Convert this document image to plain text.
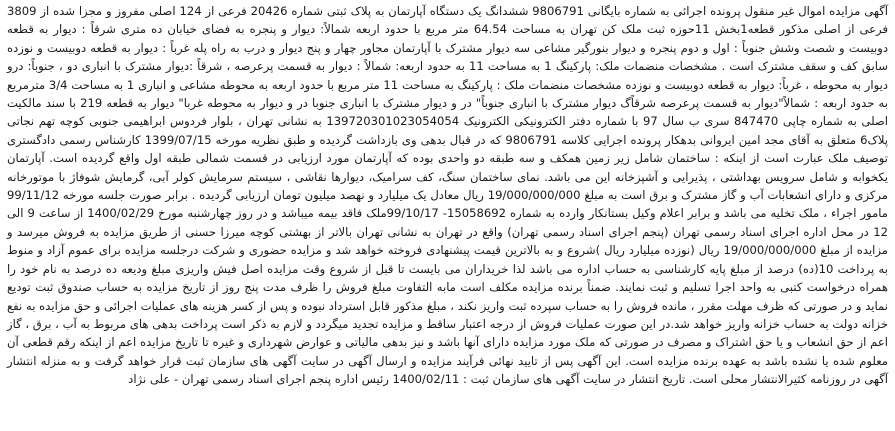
آگهی مزایده اموال غیر منقول پرونده اجرائی به شماره بایگانی 9806791 ششدانگ یک دستگاه آپارتمان به پلاک ثبتی شماره 20426 فرعی از 124 اصلی مفروز و مجزا شده از 3809 فرعی از اصلی مذکور قطعه1بخش 11حوزه ثبت ملک کن تهران به مساحت 64.54 متر مربع با حدود اربعه شمالاً: دیوار و پنجره به فضای خیابان ده متری شرقاً : دیوار به قطعه دوبیست و شصت وشش جنوباً : اول و دوم پنجره و دیوار بنورگیر مشاعی سه دیوار مشترک با آپارتمان مجاور چهار و پنج دیوار و درب به راه پله غرباً : دیوار به قطعه دوبیست و نوزده سابق کف و سقف مشترک است . مشخصات منضمات ملک: پارکینگ 1 به مساحت 11 به حدود اربعه: شمالاً : دیوار به قسمت پرعرصه ، شرقاً :دیوار مشترک با انباری دو ، جنوباً: درو دیوار به محوطه ، غرباً: دیوار به قطعه دوبیست و نوزده مشخصات منضمات ملک : پارکینگ به مساحت 11 متر مربع با حدود اربعه به محوطه مشاعی و انباری 1 به مساحت 3/4 مترمربع به حدود اربعه : شمالاً"دیوار به قسمت پرعرصه شرقاًگ دیوار مشترک با انباری جنوباً" در و دیوار مشترک با انباری جنوبا در و دیوار به محوطه غربا" دیوار به قطعه 219 با سند مالکیت اصلی به شماره چاپی 847470 سری ب سال 97 با شماره دفتر الکترونیکی الکترونیک 139720301023054054 به نشانی تهران ، بلوار فردوس ابراهیمی جنوبی کوچه تهم نجاتی پلاک6 متعلق به آقای مجد امین ایروانی بدهکار پرونده اجرایی کلاسه 9806791 که در قبال بدهی وی بازداشت گردیده و طبق نظریه مورخه 1399/07/15 کارشناس رسمی دادگستری توصیف ملک عبارت است از اینکه : ساختمان شامل زیر زمین همکف و سه طبقه دو واحدی بوده که آپارتمان مورد ارزیابی در قسمت شمالی طبقه اول واقع گردیده است. آپارتمان یکخوابه و شامل سرویس بهداشتی ، پذیرایی و آشپزخانه این می باشد. نمای ساختمان سنگ، کف سرامیک، دیوارها نقاشی ، سیستم سرمایش کولر آبی، گرمایش شوفاژ با موتورخانه مرکزی و دارای انشعابات آب و گاز مشترک و برق است به مبلغ 19/000/000/000 ریال معادل یک میلیارد و نهصد میلیون تومان ارزیابی گردیده . برابر صورت جلسه مورخه 99/11/12 مامور اجراء ، ملک تخلیه می باشد و برابر اعلام وکیل بستانکار وارده به شماره 15058692- 99/10/17ملک فاقد بیمه میباشد و در روز چهارشنبه مورخ 1400/02/29 از ساعت 9 الی 12 در محل اداره اجرای اسناد رسمی تهران (پنجم اجرای اسناد رسمی تهران) واقع در تهران به نشانی تهران بالاتر از بهشتی کوچه میرزا حسنی از طریق مزایده به فروش میرسد و مزایده از مبلغ 19/000/000/000 ریال (نوزده میلیارد ریال )شروع و به بالاترین قیمت پیشنهادی فروخته خواهد شد و مزایده حضوری و شرکت درجلسه مزایده برای عموم آزاد و منوط به پرداخت 10(ده) درصد از مبلغ پایه کارشناسی به حساب اداره می باشد لذا خریداران می بایست تا قبل از شروع وقت مزایده اصل فیش واریزی مبلغ ودیعه ده درصد به نام خود را همراه درخواست کتبی به واحد اجرا تسلیم و ثبت نمایند. ضمناً برنده مزایده مکلف است مابه التفاوت مبلغ فروش را ظرف مدت پنج روز از تاریخ مزایده به حساب صندوق ثبت تودیع نماید و در صورتی که ظرف مهلت مقرر ، مانده فروش را به حساب سپرده ثبت واریز نکند ، مبلغ مذکور قابل استرداد نبوده و پس از کسر هزینه های عملیات اجرائی و حق مزایده به نفع خزانه دولت به حساب خزانه واریز خواهد شد.در این صورت عملیات فروش از درجه اعتبار ساقط و مزایده تجدید میگردد و لازم به ذکر است پرداخت بدهی های مربوط به آب ، برق ، گاز اعم از حق انشعاب و یا حق اشتراک و مصرف در صورتی که ملک مورد مزایده دارای آنها باشد و نیز بدهی مالیاتی و عوارض شهرداری و غیره تا تاریخ مزایده اعم از اینکه رقم قطعی آن معلوم شده یا نشده باشد به عهده برنده مزایده است. این آگهی پس از تایید نهائی فرآیند مزایده و ارسال آگهی در سایت آگهی های سازمان ثبت قرار خواهد گرفت و به منزله انتشار آگهی در روزنامه کثیرالانتشار محلی است. تاریخ انتشار در سایت آگهی های سازمان ثبت : 1400/02/11 رئیس اداره پنجم اجرای اسناد رسمی تهران - علی نژاد
